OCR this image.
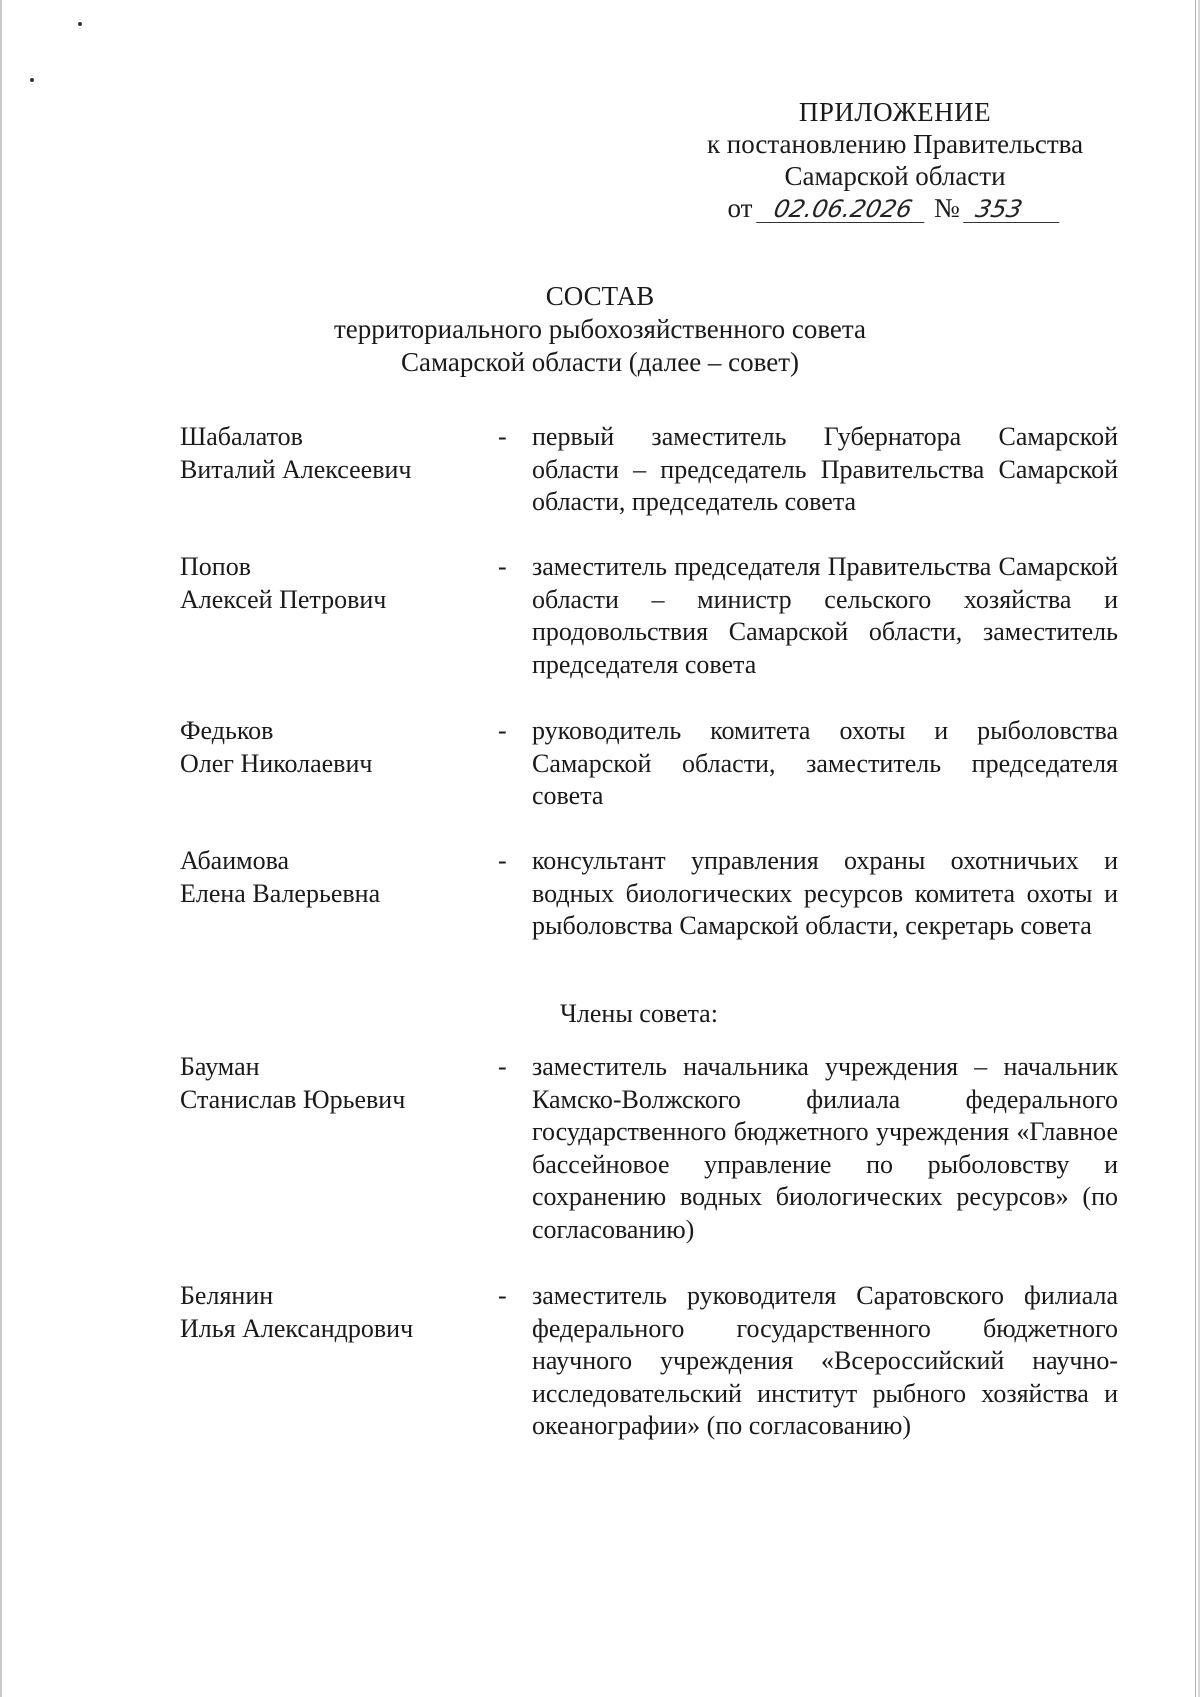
ПРИЛОЖЕНИЕ
к постановлению Правительства
Самарской области
от 02.06.2026 № 353
СОСТАВ
территориального рыбохозяйственного совета
Самарской области (далее – совет)
Шабалатов
Виталий Алексеевич
- первый заместитель Губернатора Самарской области – председатель Правительства Самарской области, председатель совета
Попов
Алексей Петрович
- заместитель председателя Правительства Самарской области – министр сельского хозяйства и продовольствия Самарской области, заместитель председателя совета
Федьков
Олег Николаевич
- руководитель комитета охоты и рыболовства Самарской области, заместитель председателя совета
Абаимова
Елена Валерьевна
- консультант управления охраны охотничьих и водных биологических ресурсов комитета охоты и рыболовства Самарской области, секретарь совета
Члены совета:
Бауман
Станислав Юрьевич
- заместитель начальника учреждения – начальник Камско-Волжского филиала федерального государственного бюджетного учреждения «Главное бассейновое управление по рыболовству и сохранению водных биологических ресурсов» (по согласованию)
Белянин
Илья Александрович
- заместитель руководителя Саратовского филиала федерального государственного бюджетного научного учреждения «Всероссийский научно-исследовательский институт рыбного хозяйства и океанографии» (по согласованию)
